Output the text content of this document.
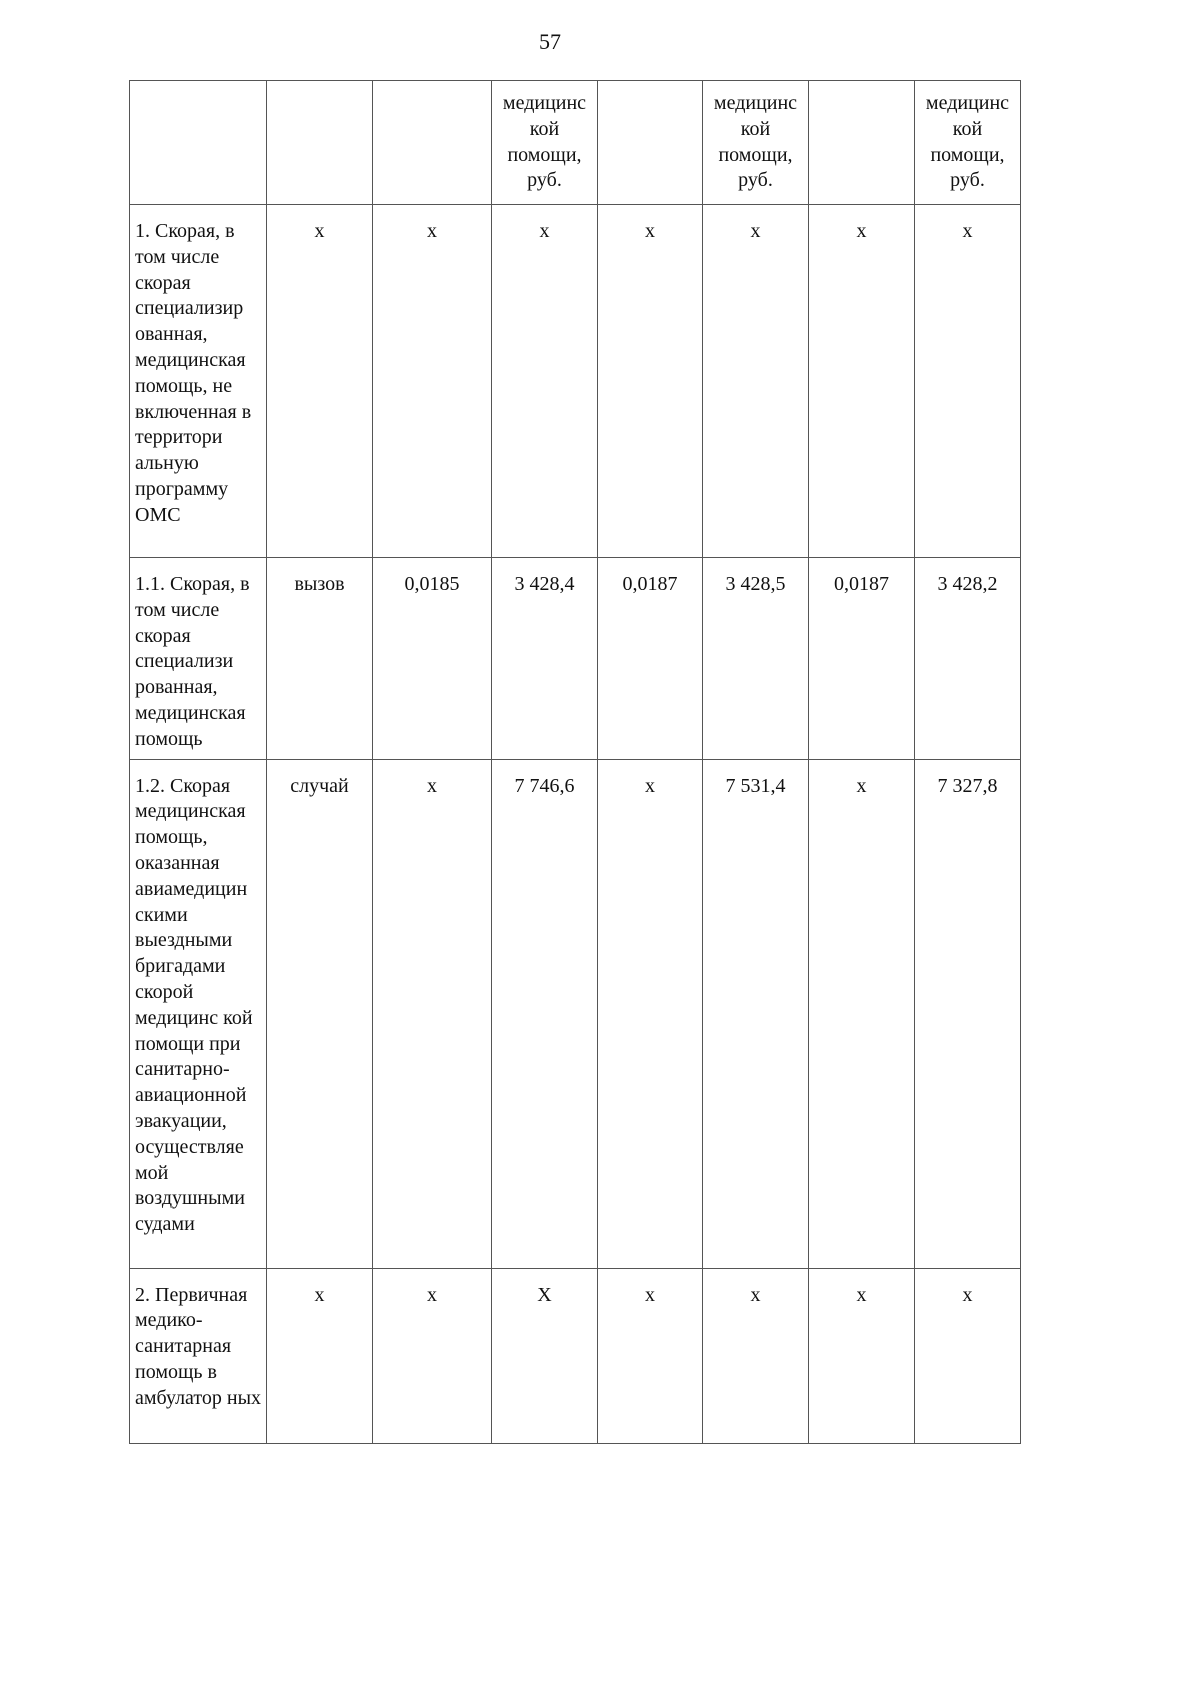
57
			медицинс кой помощи, руб.		медицинс кой помощи, руб.		медицинс кой помощи, руб.
1. Скорая, в том числе скорая специализир ованная, медицинская помощь, не включенная в территори альную программу ОМС	х	х	х	х	х	х	х
1.1. Скорая, в том числе скорая специализи рованная, медицинская помощь	вызов	0,0185	3 428,4	0,0187	3 428,5	0,0187	3 428,2
1.2. Скорая медицинская помощь, оказанная авиамедицин скими выездными бригадами скорой медицинс кой помощи при санитарно- авиационной эвакуации, осуществляе мой воздушными судами	случай	х	7 746,6	х	7 531,4	х	7 327,8
2. Первичная медико- санитарная помощь в амбулатор ных	х	х	Х	х	х	х	х
